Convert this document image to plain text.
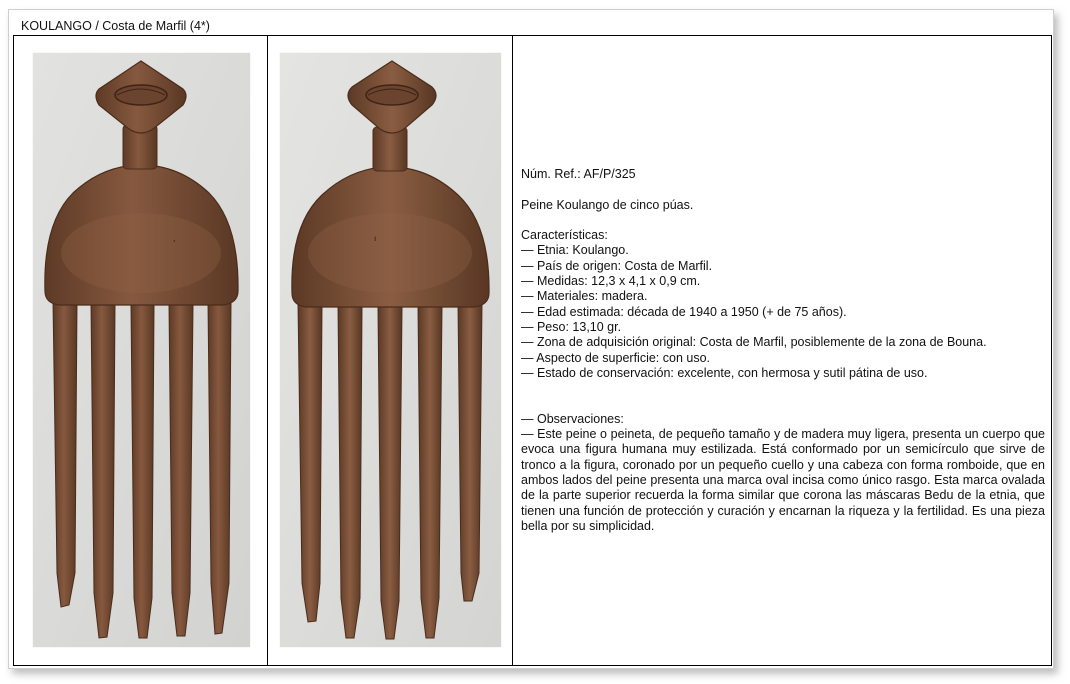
KOULANGO / Costa de Marfil (4*)
,	ı

Núm. Ref.: AF/P/325

Peine Koulango de cinco púas.

Características:

— Etnia: Koulango.

— País de origen: Costa de Marfil.

— Medidas: 12,3 x 4,1 x 0,9 cm.

— Materiales: madera.

— Edad estimada: década de 1940 a 1950 (+ de 75 años).

— Peso: 13,10 gr.

— Zona de adquisición original: Costa de Marfil, posiblemente de la zona de Bouna.

— Aspecto de superficie: con uso.

— Estado de conservación: excelente, con hermosa y sutil pátina de uso.

— Observaciones:

— Este peine o peineta, de pequeño tamaño y de madera muy ligera, presenta un cuerpo que evoca una figura humana muy estilizada. Está conformado por un semicírculo que sirve de tronco a la figura, coronado por un pequeño cuello y una cabeza con forma romboide, que en ambos lados del peine presenta una marca oval incisa como único rasgo. Esta marca ovalada de la parte superior recuerda la forma similar que corona las máscaras Bedu de la etnia, que tienen una función de protección y curación y encarnan la riqueza y la fertilidad. Es una pieza bella por su simplicidad.
